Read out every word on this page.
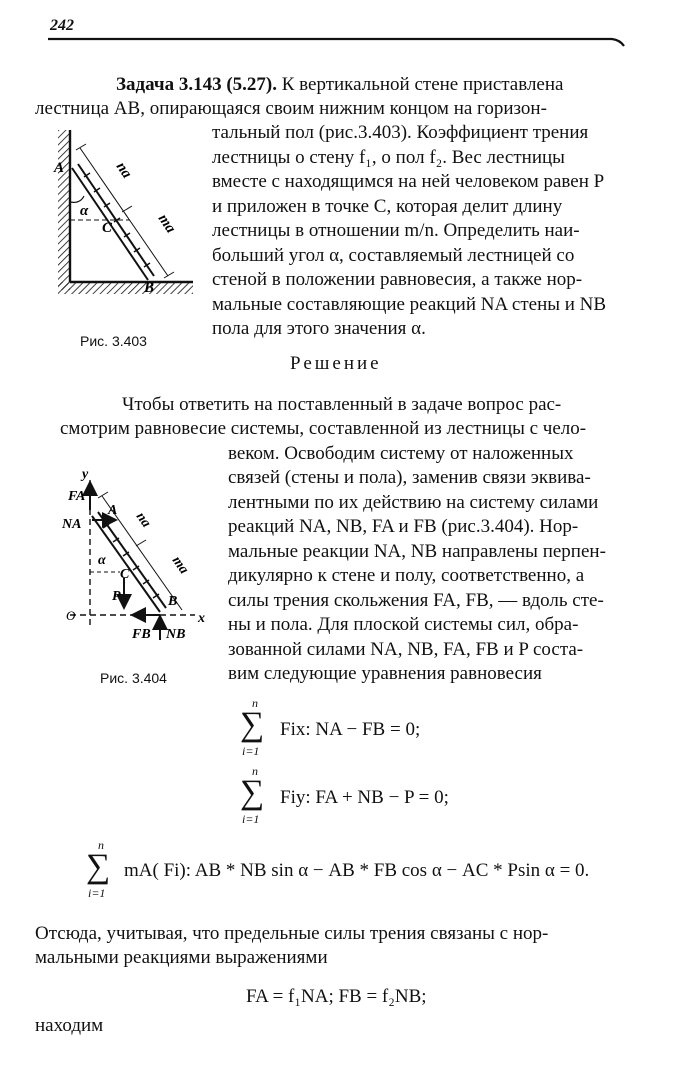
242
Задача 3.143 (5.27). К вертикальной стене приставлена
лестница AB, опирающаяся своим нижним концом на горизон-
тальный пол (рис.3.403). Коэффициент трения
лестницы о стену f₁, о пол f₂. Вес лестницы
вместе с находящимся на ней человеком равен P
и приложен в точке C, которая делит длину
лестницы в отношении m/n. Определить наи-
больший угол α, составляемый лестницей со
стеной в положении равновесия, а также нор-
мальные составляющие реакций NA стены и NB
пола для этого значения α.
A
α
C
B
na
ma
Рис. 3.403
Решение
Чтобы ответить на поставленный в задаче вопрос рас-
смотрим равновесие системы, составленной из лестницы с чело-
веком. Освободим систему от наложенных
связей (стены и пола), заменив связи эквива-
лентными по их действию на систему силами
реакций NA, NB, FA и FB (рис.3.404). Нор-
мальные реакции NA, NB направлены перпен-
дикулярно к стене и полу, соответственно, а
силы трения скольжения FA, FB, — вдоль сте-
ны и пола. Для плоской системы сил, обра-
зованной силами NA, NB, FA, FB и P соста-
вим следующие уравнения равновесия
y
FA
NA
A
α
C
P	B
O	x
FB NB
na
ma
Рис. 3.404
n
∑
i=1
Fix: NA − FB = 0;
n
∑
i=1
Fiy: FA + NB − P = 0;
n
∑
i=1
mA( Fi): AB * NB sin α − AB * FB cos α − AC * Psin α = 0.
Отсюда, учитывая, что предельные силы трения связаны с нор-
мальными реакциями выражениями
FA = f₁NA; FB = f₂NB;
находим
